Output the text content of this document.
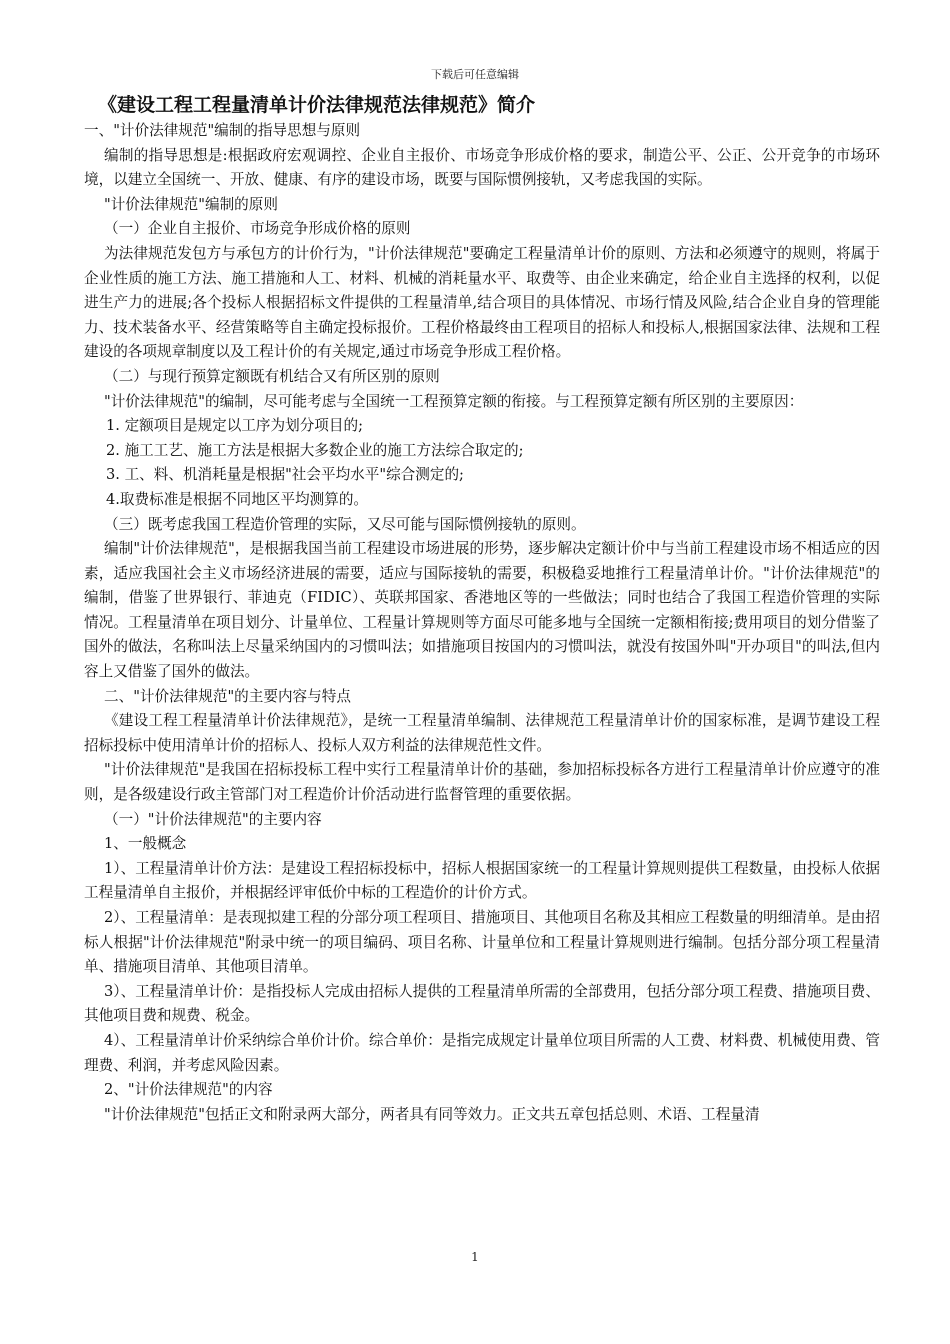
下载后可任意编辑
《建设工程工程量清单计价法律规范法律规范》简介

一、"计价法律规范"编制的指导思想与原则

编制的指导思想是:根据政府宏观调控、企业自主报价、市场竞争形成价格的要求，制造公平、公正、公开竞争的市场环境，以建立全国统一、开放、健康、有序的建设市场，既要与国际惯例接轨，又考虑我国的实际。

"计价法律规范"编制的原则

（一）企业自主报价、市场竞争形成价格的原则

为法律规范发包方与承包方的计价行为，"计价法律规范"要确定工程量清单计价的原则、方法和必须遵守的规则，将属于企业性质的施工方法、施工措施和人工、材料、机械的消耗量水平、取费等、由企业来确定，给企业自主选择的权利，以促进生产力的进展;各个投标人根据招标文件提供的工程量清单,结合项目的具体情况、市场行情及风险,结合企业自身的管理能力、技术装备水平、经营策略等自主确定投标报价。工程价格最终由工程项目的招标人和投标人,根据国家法律、法规和工程建设的各项规章制度以及工程计价的有关规定,通过市场竞争形成工程价格。

（二）与现行预算定额既有机结合又有所区别的原则

"计价法律规范"的编制，尽可能考虑与全国统一工程预算定额的衔接。与工程预算定额有所区别的主要原因：

1. 定额项目是规定以工序为划分项目的;

2. 施工工艺、施工方法是根据大多数企业的施工方法综合取定的;

3. 工、料、机消耗量是根据"社会平均水平"综合测定的;

4.取费标准是根据不同地区平均测算的。

（三）既考虑我国工程造价管理的实际，又尽可能与国际惯例接轨的原则。

编制"计价法律规范"，是根据我国当前工程建设市场进展的形势，逐步解决定额计价中与当前工程建设市场不相适应的因素，适应我国社会主义市场经济进展的需要，适应与国际接轨的需要，积极稳妥地推行工程量清单计价。"计价法律规范"的编制，借鉴了世界银行、菲迪克（FIDIC）、英联邦国家、香港地区等的一些做法；同时也结合了我国工程造价管理的实际情况。工程量清单在项目划分、计量单位、工程量计算规则等方面尽可能多地与全国统一定额相衔接;费用项目的划分借鉴了国外的做法，名称叫法上尽量采纳国内的习惯叫法；如措施项目按国内的习惯叫法，就没有按国外叫"开办项目"的叫法,但内容上又借鉴了国外的做法。

二、"计价法律规范"的主要内容与特点

《建设工程工程量清单计价法律规范》，是统一工程量清单编制、法律规范工程量清单计价的国家标准，是调节建设工程招标投标中使用清单计价的招标人、投标人双方利益的法律规范性文件。

"计价法律规范"是我国在招标投标工程中实行工程量清单计价的基础，参加招标投标各方进行工程量清单计价应遵守的准则，是各级建设行政主管部门对工程造价计价活动进行监督管理的重要依据。

（一）"计价法律规范"的主要内容

1、一般概念

1）、工程量清单计价方法：是建设工程招标投标中，招标人根据国家统一的工程量计算规则提供工程数量，由投标人依据工程量清单自主报价，并根据经评审低价中标的工程造价的计价方式。

2）、工程量清单：是表现拟建工程的分部分项工程项目、措施项目、其他项目名称及其相应工程数量的明细清单。是由招标人根据"计价法律规范"附录中统一的项目编码、项目名称、计量单位和工程量计算规则进行编制。包括分部分项工程量清单、措施项目清单、其他项目清单。

3）、工程量清单计价：是指投标人完成由招标人提供的工程量清单所需的全部费用，包括分部分项工程费、措施项目费、其他项目费和规费、税金。

4）、工程量清单计价采纳综合单价计价。综合单价：是指完成规定计量单位项目所需的人工费、材料费、机械使用费、管理费、利润，并考虑风险因素。

2、"计价法律规范"的内容

"计价法律规范"包括正文和附录两大部分，两者具有同等效力。正文共五章包括总则、术语、工程量清

1
